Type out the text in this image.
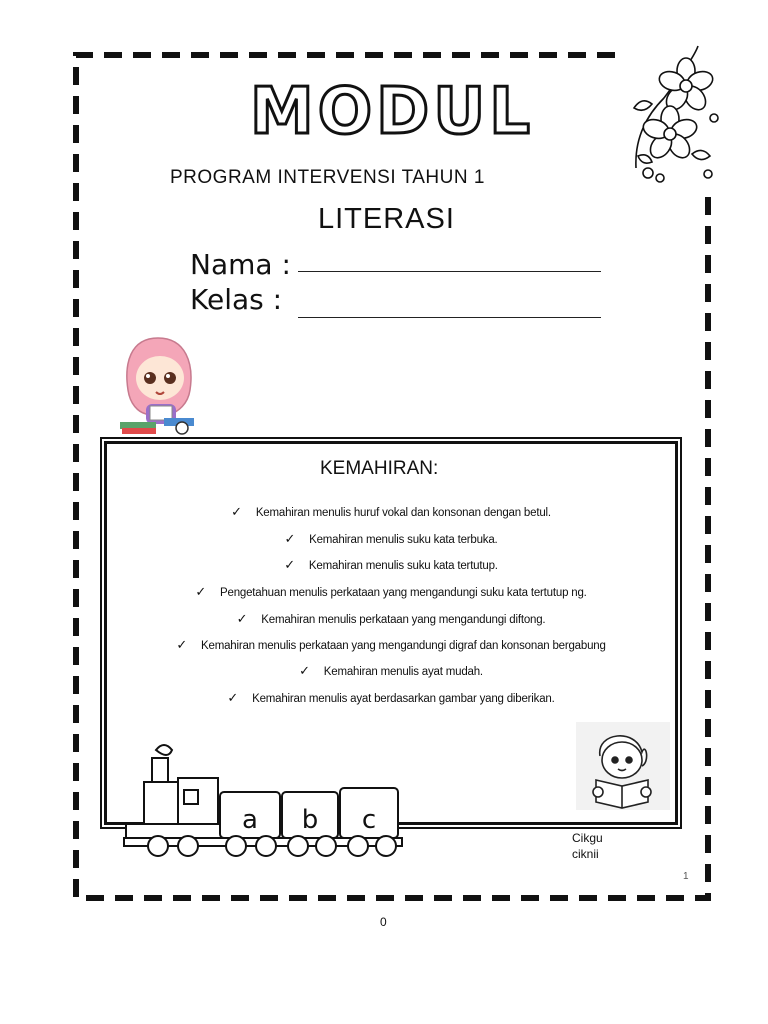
MODUL
PROGRAM INTERVENSI TAHUN 1
LITERASI
Nama :
Kelas :
KEMAHIRAN:
✓ Kemahiran menulis huruf vokal dan konsonan dengan betul.
✓ Kemahiran menulis suku kata terbuka.
✓ Kemahiran menulis suku kata tertutup.
✓ Pengetahuan menulis perkataan yang mengandungi suku kata tertutup ng.
✓ Kemahiran menulis perkataan yang mengandungi diftong.
✓ Kemahiran menulis perkataan yang mengandungi digraf dan konsonan bergabung
✓ Kemahiran menulis ayat mudah.
✓ Kemahiran menulis ayat berdasarkan gambar yang diberikan.
a b c
Cikgu
ciknii
1
0
